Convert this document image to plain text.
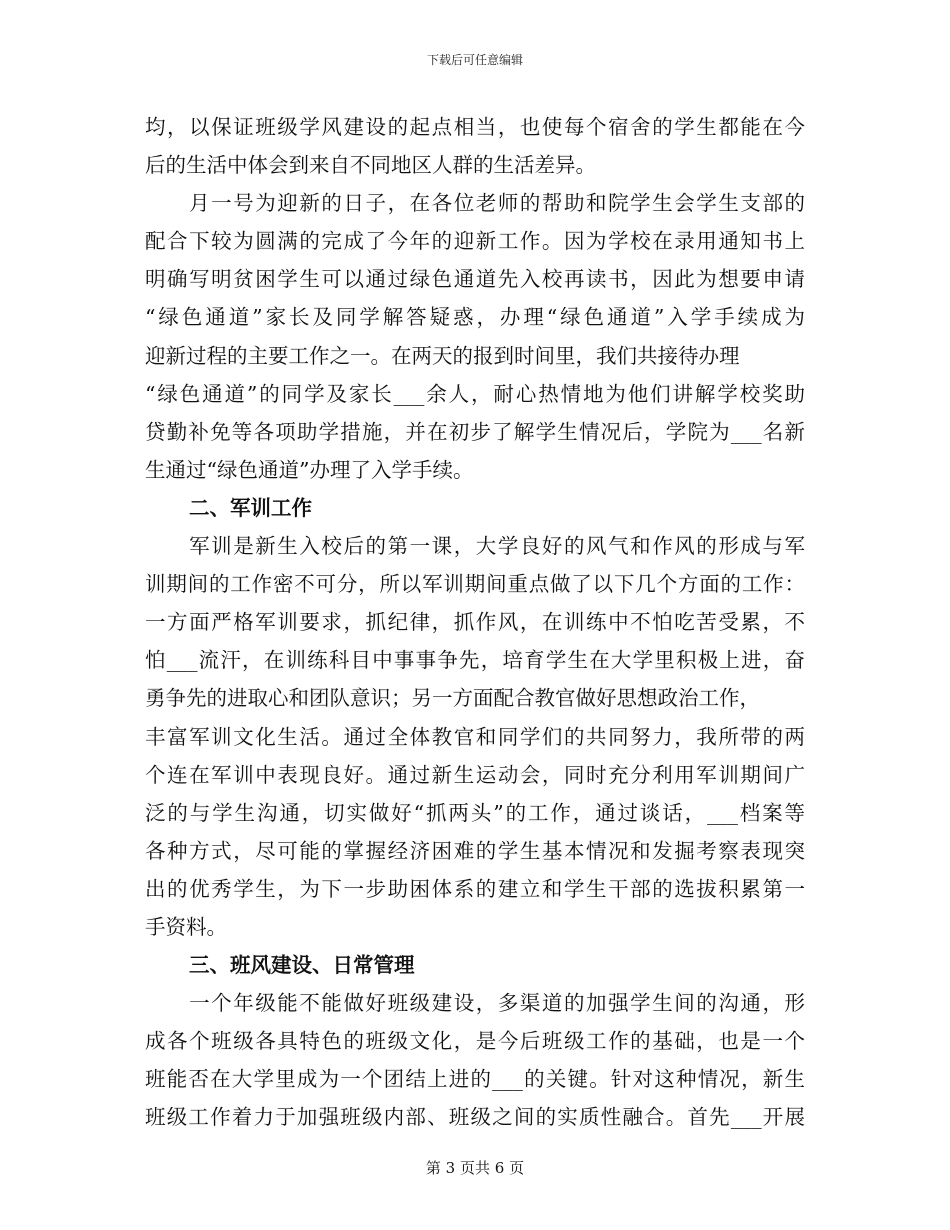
下载后可任意编辑
均，以保证班级学风建设的起点相当，也使每个宿舍的学生都能在今
后的生活中体会到来自不同地区人群的生活差异。
　　月一号为迎新的日子，在各位老师的帮助和院学生会学生支部的
配合下较为圆满的完成了今年的迎新工作。因为学校在录用通知书上
明确写明贫困学生可以通过绿色通道先入校再读书，因此为想要申请
“绿色通道”家长及同学解答疑惑，办理“绿色通道”入学手续成为
迎新过程的主要工作之一。在两天的报到时间里，我们共接待办理
“绿色通道”的同学及家长___余人，耐心热情地为他们讲解学校奖助
贷勤补免等各项助学措施，并在初步了解学生情况后，学院为___名新
生通过“绿色通道”办理了入学手续。
二、军训工作
　　军训是新生入校后的第一课，大学良好的风气和作风的形成与军
训期间的工作密不可分，所以军训期间重点做了以下几个方面的工作：
一方面严格军训要求，抓纪律，抓作风，在训练中不怕吃苦受累，不
怕___流汗，在训练科目中事事争先，培育学生在大学里积极上进，奋
勇争先的进取心和团队意识；另一方面配合教官做好思想政治工作，
丰富军训文化生活。通过全体教官和同学们的共同努力，我所带的两
个连在军训中表现良好。通过新生运动会，同时充分利用军训期间广
泛的与学生沟通，切实做好“抓两头”的工作，通过谈话，___档案等
各种方式，尽可能的掌握经济困难的学生基本情况和发掘考察表现突
出的优秀学生，为下一步助困体系的建立和学生干部的选拔积累第一
手资料。
三、班风建设、日常管理
　　一个年级能不能做好班级建设，多渠道的加强学生间的沟通，形
成各个班级各具特色的班级文化，是今后班级工作的基础，也是一个
班能否在大学里成为一个团结上进的___的关键。针对这种情况，新生
班级工作着力于加强班级内部、班级之间的实质性融合。首先___开展
第 3 页共 6 页
